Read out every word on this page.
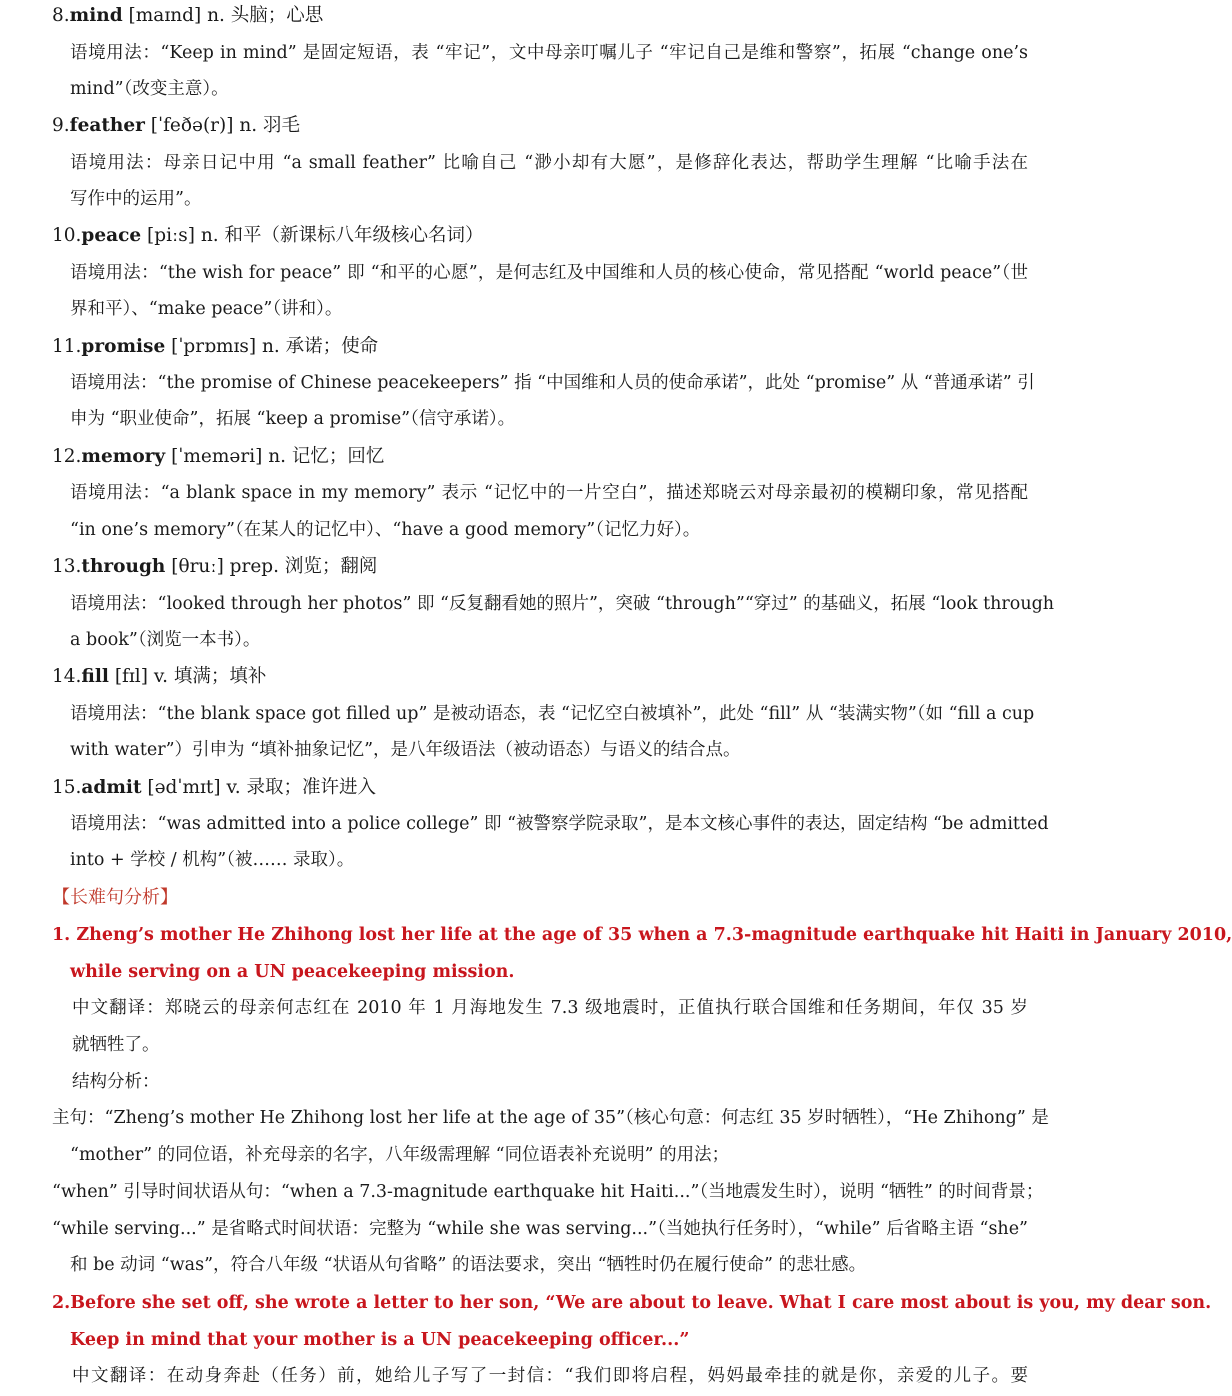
8.mind [maɪnd] n. 头脑；心思
语境用法：“Keep in mind” 是固定短语，表 “牢记”，文中母亲叮嘱儿子 “牢记自己是维和警察”，拓展 “change one’s
mind”（改变主意）。
9.feather [ˈfeðə(r)] n. 羽毛
语境用法：母亲日记中用 “a small feather” 比喻自己 “渺小却有大愿”，是修辞化表达，帮助学生理解 “比喻手法在
写作中的运用”。
10.peace [piːs] n. 和平（新课标八年级核心名词）
语境用法：“the wish for peace” 即 “和平的心愿”，是何志红及中国维和人员的核心使命，常见搭配 “world peace”（世
界和平）、“make peace”（讲和）。
11.promise [ˈprɒmɪs] n. 承诺；使命
语境用法：“the promise of Chinese peacekeepers” 指 “中国维和人员的使命承诺”，此处 “promise” 从 “普通承诺” 引
申为 “职业使命”，拓展 “keep a promise”（信守承诺）。
12.memory [ˈmeməri] n. 记忆；回忆
语境用法：“a blank space in my memory” 表示 “记忆中的一片空白”，描述郑晓云对母亲最初的模糊印象，常见搭配
“in one’s memory”（在某人的记忆中）、“have a good memory”（记忆力好）。
13.through [θruː] prep. 浏览；翻阅
语境用法：“looked through her photos” 即 “反复翻看她的照片”，突破 “through”“穿过” 的基础义，拓展 “look through
a book”（浏览一本书）。
14.fill [fɪl] v. 填满；填补
语境用法：“the blank space got filled up” 是被动语态，表 “记忆空白被填补”，此处 “fill” 从 “装满实物”（如 “fill a cup
with water”）引申为 “填补抽象记忆”，是八年级语法（被动语态）与语义的结合点。
15.admit [ədˈmɪt] v. 录取；准许进入
语境用法：“was admitted into a police college” 即 “被警察学院录取”，是本文核心事件的表达，固定结构 “be admitted
into + 学校 / 机构”（被…… 录取）。
【长难句分析】
1. Zheng’s mother He Zhihong lost her life at the age of 35 when a 7.3-magnitude earthquake hit Haiti in January 2010,
while serving on a UN peacekeeping mission.
中文翻译：郑晓云的母亲何志红在 2010 年 1 月海地发生 7.3 级地震时，正值执行联合国维和任务期间，年仅 35 岁
就牺牲了。
结构分析：
主句：“Zheng’s mother He Zhihong lost her life at the age of 35”（核心句意：何志红 35 岁时牺牲），“He Zhihong” 是
“mother” 的同位语，补充母亲的名字，八年级需理解 “同位语表补充说明” 的用法；
“when” 引导时间状语从句：“when a 7.3-magnitude earthquake hit Haiti...”（当地震发生时），说明 “牺牲” 的时间背景；
“while serving...” 是省略式时间状语：完整为 “while she was serving...”（当她执行任务时），“while” 后省略主语 “she”
和 be 动词 “was”，符合八年级 “状语从句省略” 的语法要求，突出 “牺牲时仍在履行使命” 的悲壮感。
2.Before she set off, she wrote a letter to her son, “We are about to leave. What I care most about is you, my dear son.
Keep in mind that your mother is a UN peacekeeping officer...”
中文翻译：在动身奔赴（任务）前，她给儿子写了一封信：“我们即将启程，妈妈最牵挂的就是你，亲爱的儿子。要
